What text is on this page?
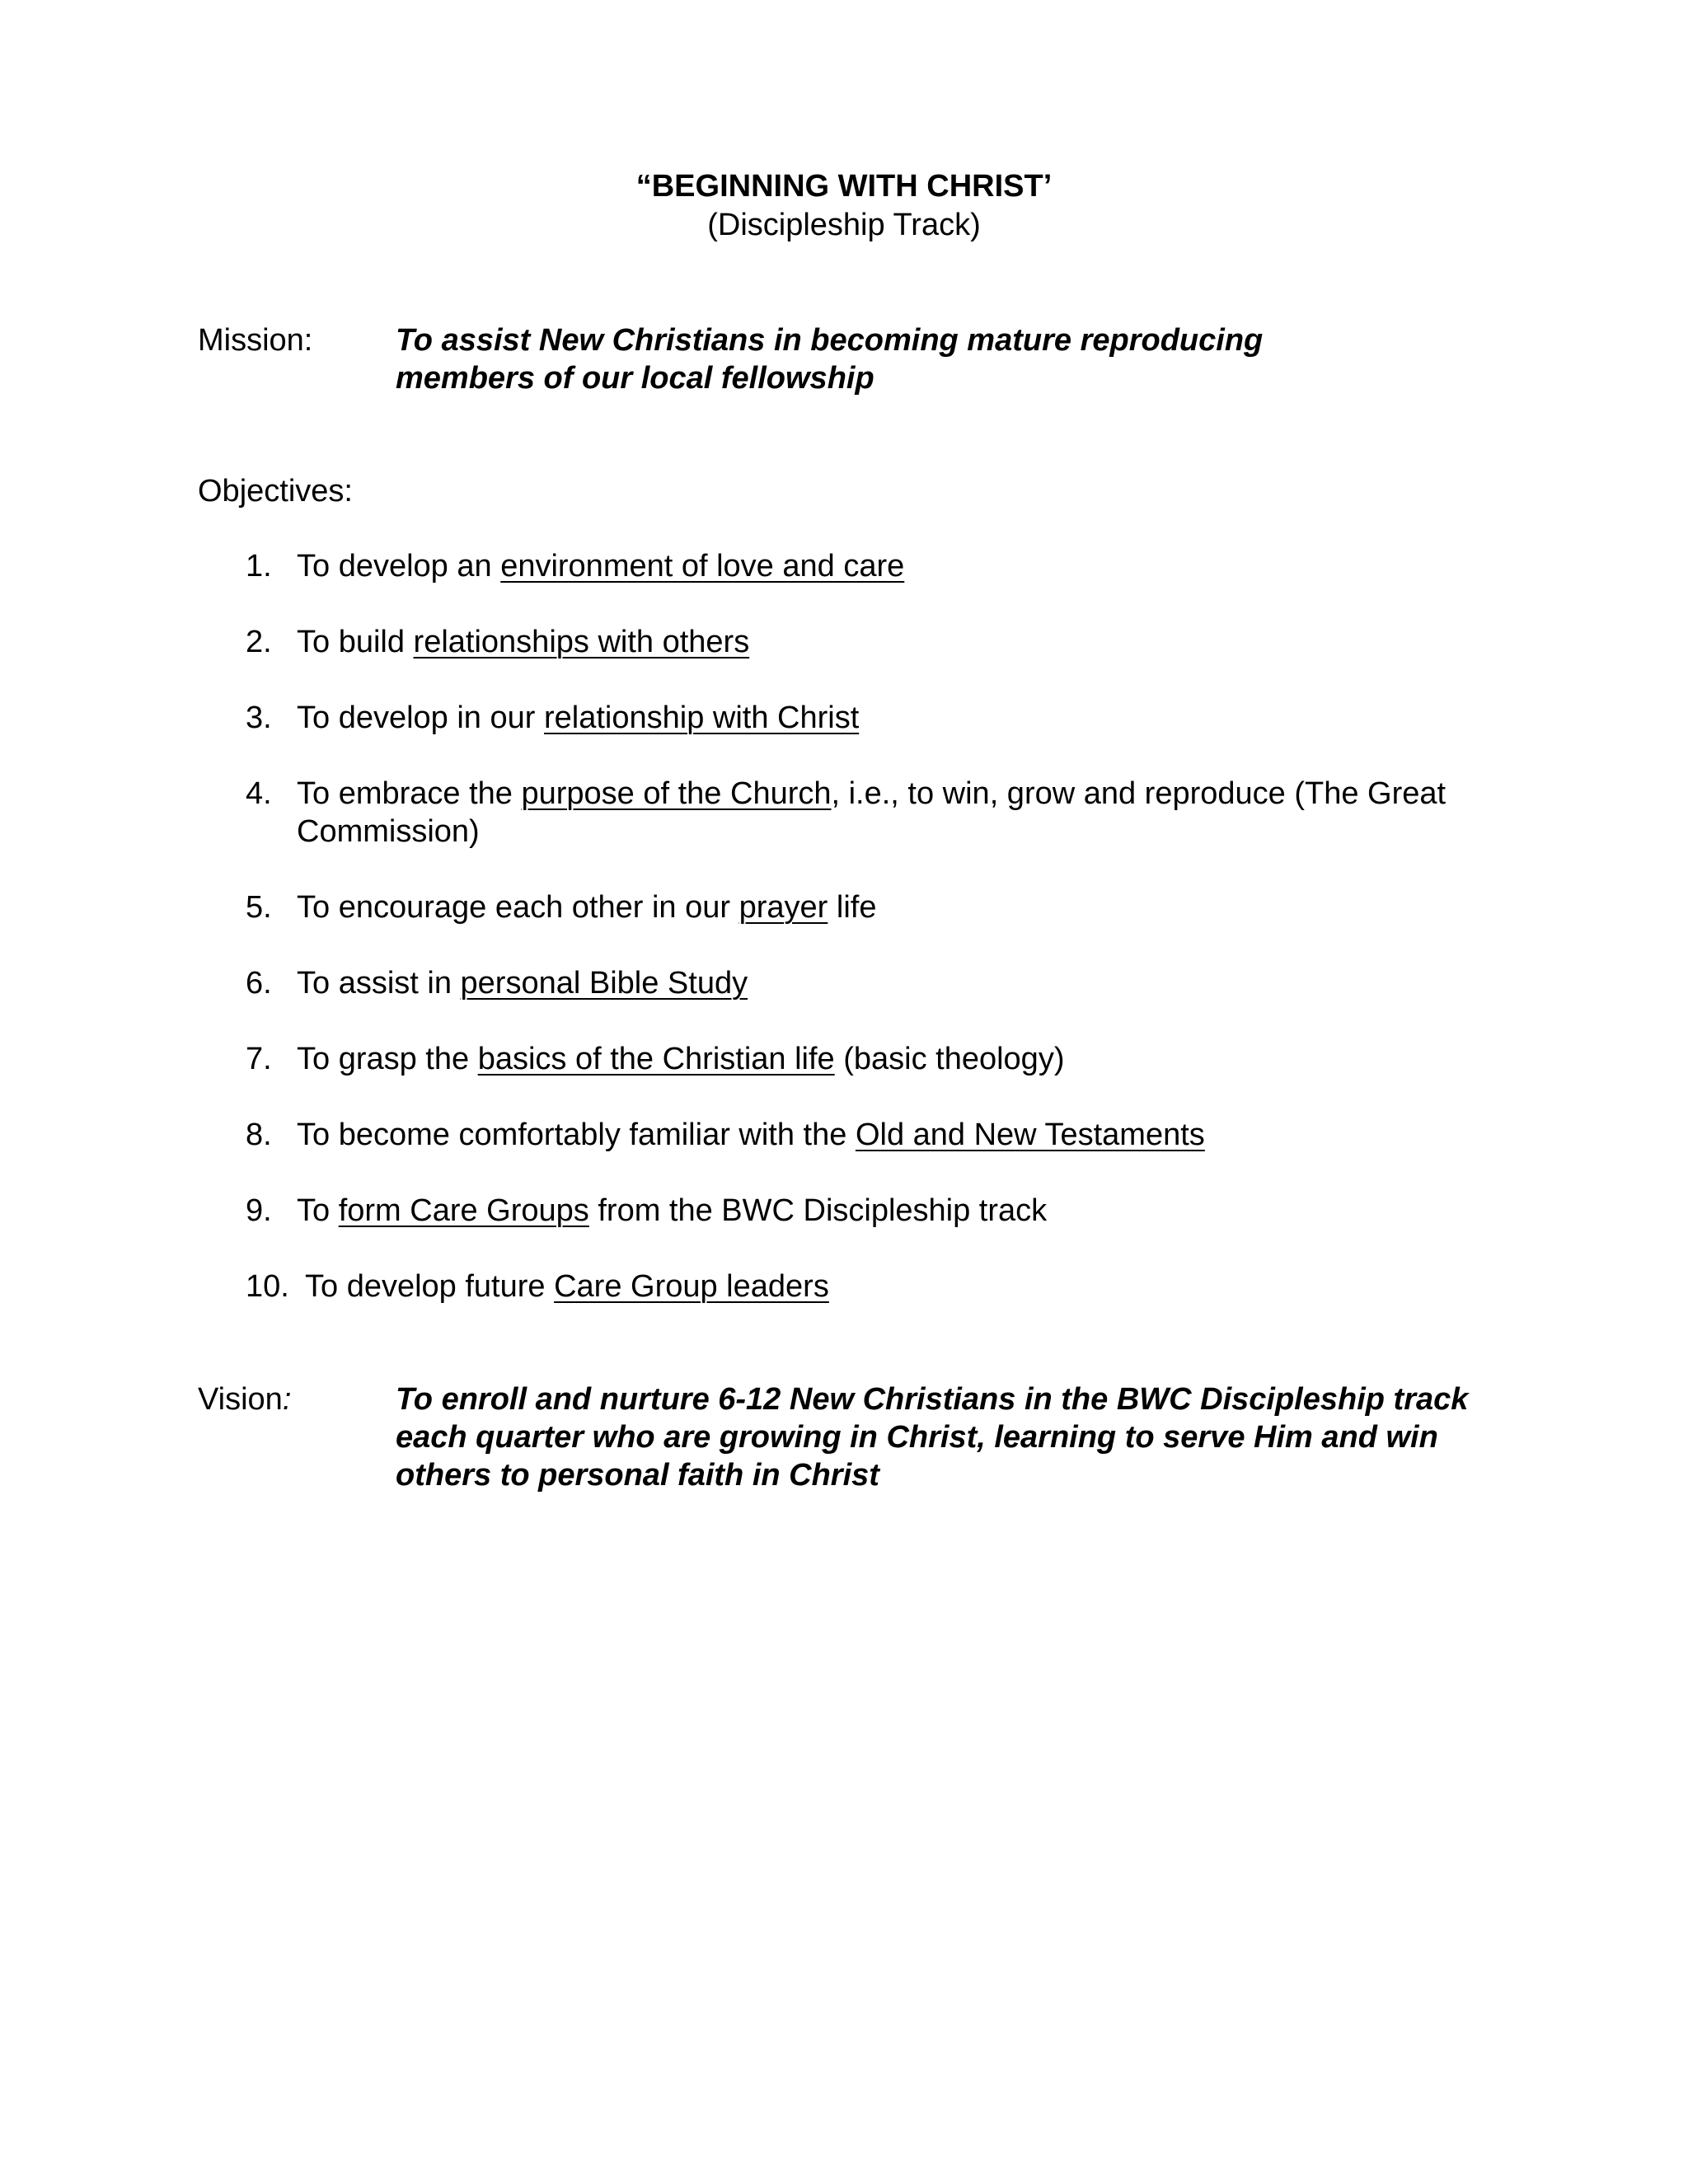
“BEGINNING WITH CHRIST’
(Discipleship Track)
Mission:	To assist New Christians in becoming mature reproducing members of our local fellowship
Objectives:
1. To develop an environment of love and care
2. To build relationships with others
3. To develop in our relationship with Christ
4. To embrace the purpose of the Church, i.e., to win, grow and reproduce (The Great Commission)
5. To encourage each other in our prayer life
6. To assist in personal Bible Study
7. To grasp the basics of the Christian life (basic theology)
8. To become comfortably familiar with the Old and New Testaments
9. To form Care Groups from the BWC Discipleship track
10. To develop future Care Group leaders
Vision:	To enroll and nurture 6-12 New Christians in the BWC Discipleship track each quarter who are growing in Christ, learning to serve Him and win others to personal faith in Christ
